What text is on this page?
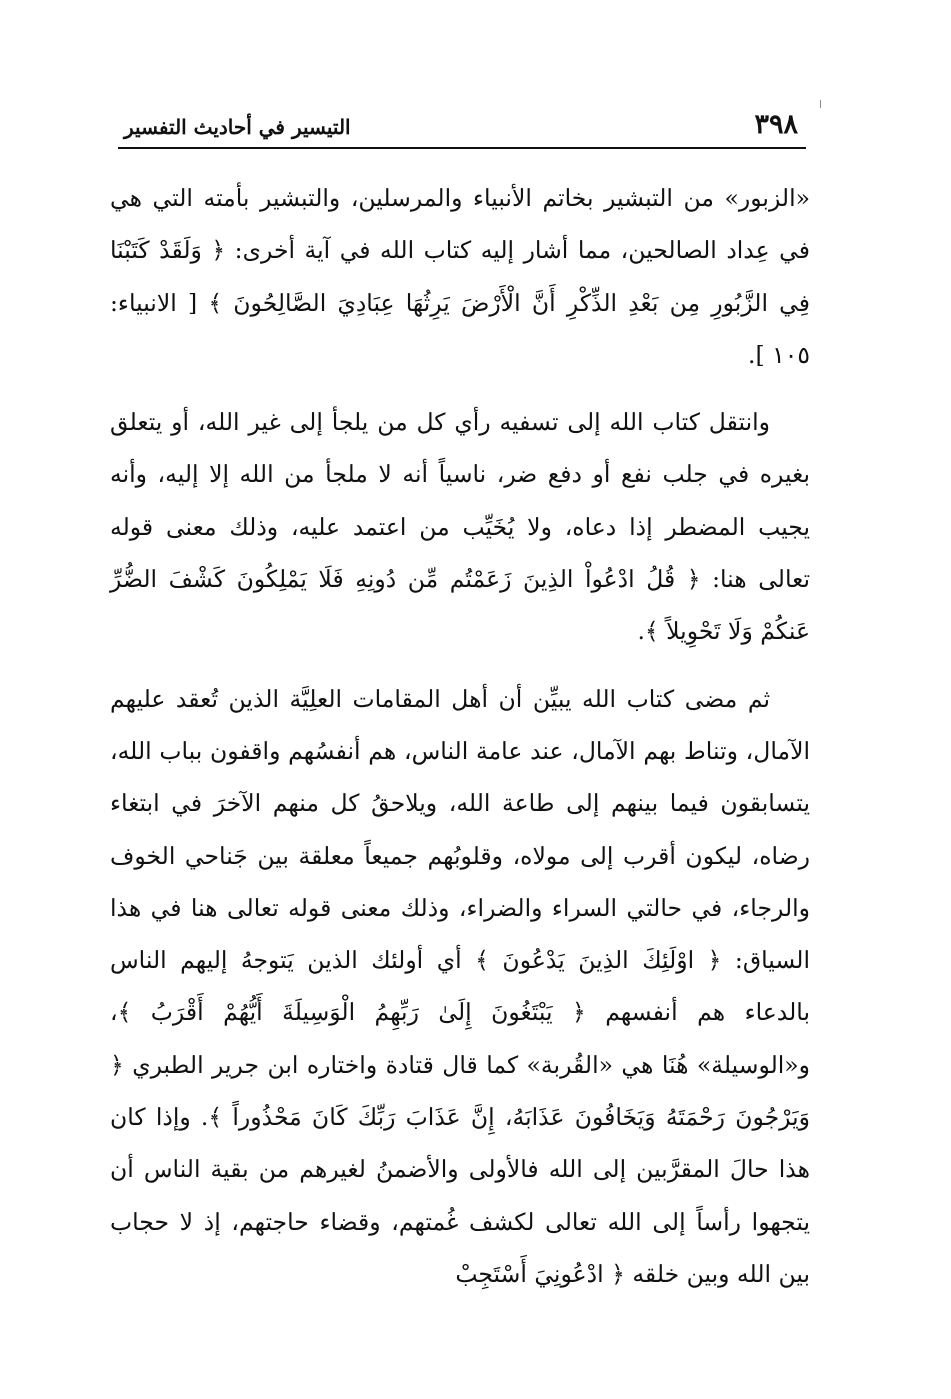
٣٩٨
التيسير في أحاديث التفسير

«الزبور» من التبشير بخاتم الأنبياء والمرسلين، والتبشير بأمته التي هي في عِداد الصالحين، مما أشار إليه كتاب الله في آية أخرى: ﴿ وَلَقَدْ كَتَبْنَا فِي الزَّبُورِ مِن بَعْدِ الذِّكْرِ أَنَّ الْأَرْضَ يَرِثُهَا عِبَادِيَ الصَّالِحُونَ ﴾ [ الانبياء: ١٠٥ ].

وانتقل كتاب الله إلى تسفيه رأي كل من يلجأ إلى غير الله، أو يتعلق بغيره في جلب نفع أو دفع ضر، ناسياً أنه لا ملجأ من الله إلا إليه، وأنه يجيب المضطر إذا دعاه، ولا يُخَيِّب من اعتمد عليه، وذلك معنى قوله تعالى هنا: ﴿ قُلُ ادْعُواْ الذِينَ زَعَمْتُم مِّن دُونِهِ فَلَا يَمْلِكُونَ كَشْفَ الضُّرِّ عَنكُمْ وَلَا تَحْوِيلاً ﴾.

ثم مضى كتاب الله يبيِّن أن أهل المقامات العلِيَّة الذين تُعقد عليهم الآمال، وتناط بهم الآمال، عند عامة الناس، هم أنفسُهم واقفون بباب الله، يتسابقون فيما بينهم إلى طاعة الله، ويلاحقُ كل منهم الآخرَ في ابتغاء رضاه، ليكون أقرب إلى مولاه، وقلوبُهم جميعاً معلقة بين جَناحي الخوف والرجاء، في حالتي السراء والضراء، وذلك معنى قوله تعالى هنا في هذا السياق: ﴿ اوْلَئِكَ الذِينَ يَدْعُونَ ﴾ أي أولئك الذين يَتوجهُ إليهم الناس بالدعاء هم أنفسهم ﴿ يَبْتَغُونَ إِلَىٰ رَبِّهِمُ الْوَسِيلَةَ أَيُّهُمْ أَقْرَبُ ﴾، و«الوسيلة» هُنَا هي «القُربة» كما قال قتادة واختاره ابن جرير الطبري ﴿ وَيَرْجُونَ رَحْمَتَهُ وَيَخَافُونَ عَذَابَهُ، إِنَّ عَذَابَ رَبِّكَ كَانَ مَحْذُوراً ﴾. وإذا كان هذا حالَ المقرَّبين إلى الله فالأولى والأضمنُ لغيرهم من بقية الناس أن يتجهوا رأساً إلى الله تعالى لكشف غُمتهم، وقضاء حاجتهم، إذ لا حجاب بين الله وبين خلقه ﴿ ادْعُونِيَ أَسْتَجِبْ
